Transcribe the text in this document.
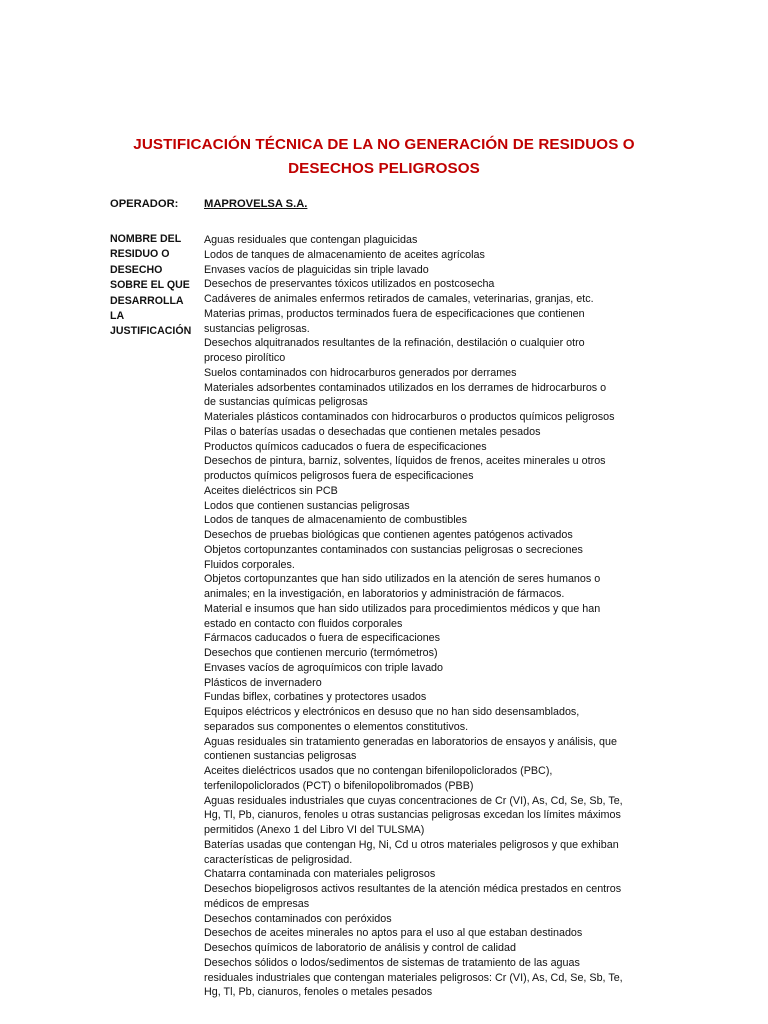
JUSTIFICACIÓN TÉCNICA DE LA NO GENERACIÓN DE RESIDUOS O
DESECHOS PELIGROSOS
OPERADOR: MAPROVELSA S.A.
NOMBRE DEL
RESIDUO O
DESECHO
SOBRE EL QUE
DESARROLLA
LA
JUSTIFICACIÓN
Aguas residuales que contengan plaguicidas
Lodos de tanques de almacenamiento de aceites agrícolas
Envases vacíos de plaguicidas sin triple lavado
Desechos de preservantes tóxicos utilizados en postcosecha
Cadáveres de animales enfermos retirados de camales, veterinarias, granjas, etc.
Materias primas, productos terminados fuera de especificaciones que contienen
sustancias peligrosas.
Desechos alquitranados resultantes de la refinación, destilación o cualquier otro
proceso pirolítico
Suelos contaminados con hidrocarburos generados por derrames
Materiales adsorbentes contaminados utilizados en los derrames de hidrocarburos o
de sustancias químicas peligrosas
Materiales plásticos contaminados con hidrocarburos o productos químicos peligrosos
Pilas o baterías usadas o desechadas que contienen metales pesados
Productos químicos caducados o fuera de especificaciones
Desechos de pintura, barniz, solventes, líquidos de frenos, aceites minerales u otros
productos químicos peligrosos fuera de especificaciones
Aceites dieléctricos sin PCB
Lodos que contienen sustancias peligrosas
Lodos de tanques de almacenamiento de combustibles
Desechos de pruebas biológicas que contienen agentes patógenos activados
Objetos cortopunzantes contaminados con sustancias peligrosas o secreciones
Fluidos corporales.
Objetos cortopunzantes que han sido utilizados en la atención de seres humanos o
animales; en la investigación, en laboratorios y administración de fármacos.
Material e insumos que han sido utilizados para procedimientos médicos y que han
estado en contacto con fluidos corporales
Fármacos caducados o fuera de especificaciones
Desechos que contienen mercurio (termómetros)
Envases vacíos de agroquímicos con triple lavado
Plásticos de invernadero
Fundas biflex, corbatines y protectores usados
Equipos eléctricos y electrónicos en desuso que no han sido desensamblados,
separados sus componentes o elementos constitutivos.
Aguas residuales sin tratamiento generadas en laboratorios de ensayos y análisis, que
contienen sustancias peligrosas
Aceites dieléctricos usados que no contengan bifenilopoliclorados (PBC),
terfenilopoliclorados (PCT) o bifenilopolibromados (PBB)
Aguas residuales industriales que cuyas concentraciones de Cr (VI), As, Cd, Se, Sb, Te,
Hg, Tl, Pb, cianuros, fenoles u otras sustancias peligrosas excedan los límites máximos
permitidos (Anexo 1 del Libro VI del TULSMA)
Baterías usadas que contengan Hg, Ni, Cd u otros materiales peligrosos y que exhiban
características de peligrosidad.
Chatarra contaminada con materiales peligrosos
Desechos biopeligrosos activos resultantes de la atención médica prestados en centros
médicos de empresas
Desechos contaminados con peróxidos
Desechos de aceites minerales no aptos para el uso al que estaban destinados
Desechos químicos de laboratorio de análisis y control de calidad
Desechos sólidos o lodos/sedimentos de sistemas de tratamiento de las aguas
residuales industriales que contengan materiales peligrosos: Cr (VI), As, Cd, Se, Sb, Te,
Hg, Tl, Pb, cianuros, fenoles o metales pesados
